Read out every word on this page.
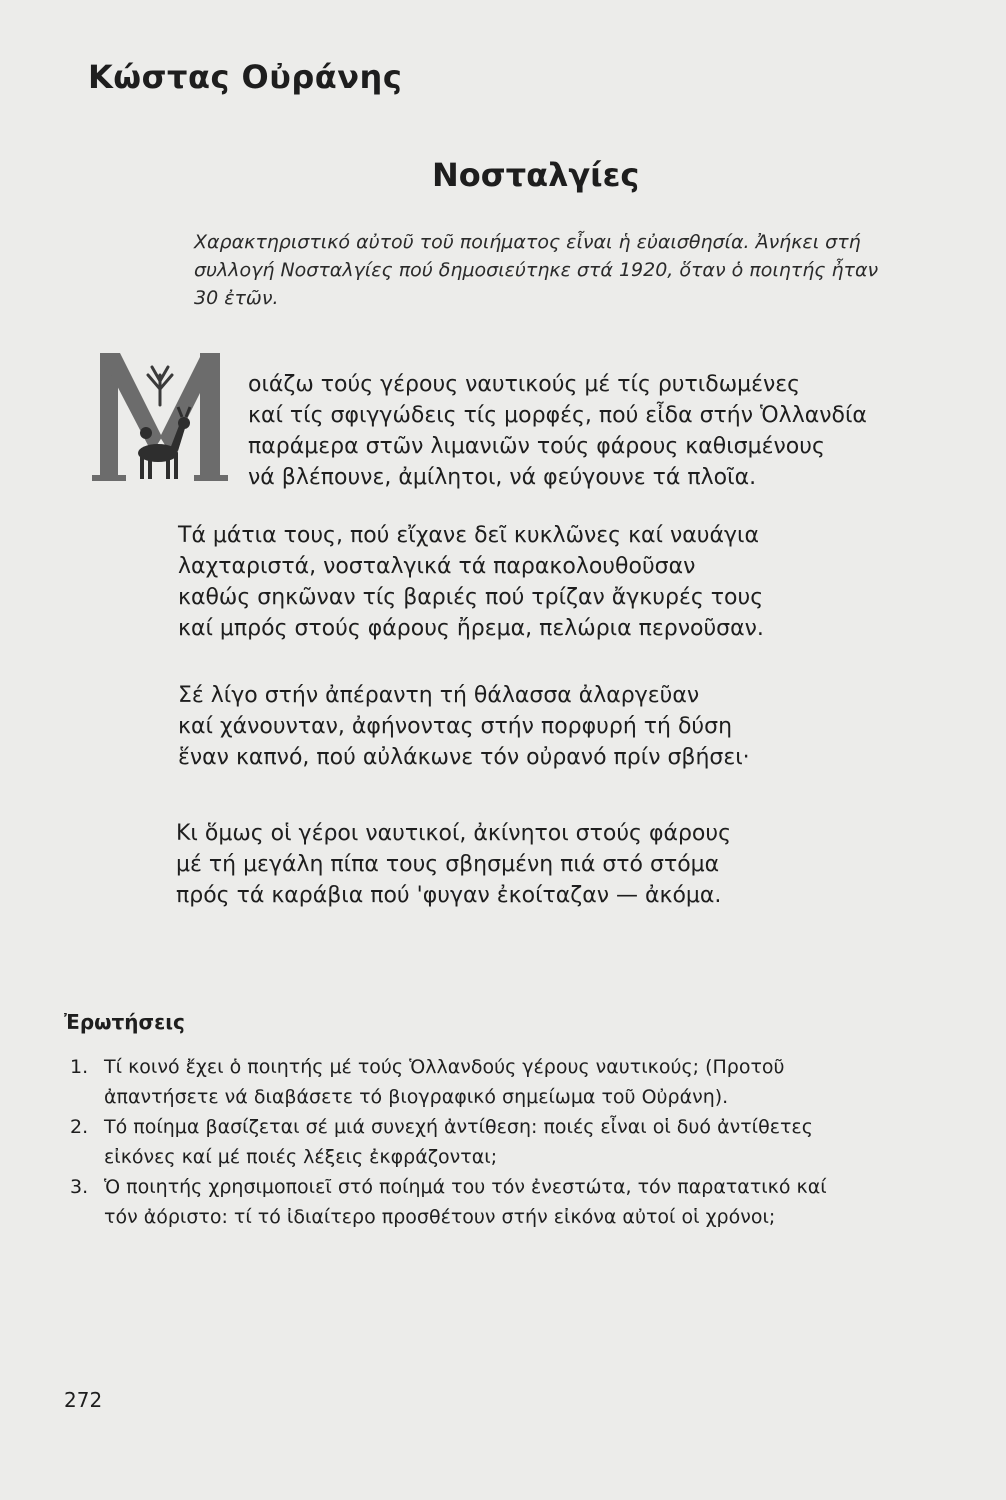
Κώστας Οὐράνης
Νοσταλγίες
Χαρακτηριστικό αὐτοῦ τοῦ ποιήματος εἶναι ἡ εὐαισθησία. Ἀνήκει στή
συλλογή Νοσταλγίες πού δημοσιεύτηκε στά 1920, ὅταν ὁ ποιητής ἦταν
30 ἐτῶν.
οιάζω τούς γέρους ναυτικούς μέ τίς ρυτιδωμένες
καί τίς σφιγγώδεις τίς μορφές, πού εἶδα στήν Ὁλλανδία
παράμερα στῶν λιμανιῶν τούς φάρους καθισμένους
νά βλέπουνε, ἀμίλητοι, νά φεύγουνε τά πλοῖα.
Τά μάτια τους, πού εἴχανε δεῖ κυκλῶνες καί ναυάγια
λαχταριστά, νοσταλγικά τά παρακολουθοῦσαν
καθώς σηκῶναν τίς βαριές πού τρίζαν ἄγκυρές τους
καί μπρός στούς φάρους ἤρεμα, πελώρια περνοῦσαν.
Σέ λίγο στήν ἀπέραντη τή θάλασσα ἀλαργεῦαν
καί χάνουνταν, ἀφήνοντας στήν πορφυρή τή δύση
ἕναν καπνό, πού αὐλάκωνε τόν οὐρανό πρίν σβήσει·
Κι ὅμως οἱ γέροι ναυτικοί, ἀκίνητοι στούς φάρους
μέ τή μεγάλη πίπα τους σβησμένη πιά στό στόμα
πρός τά καράβια πού 'φυγαν ἐκοίταζαν — ἀκόμα.
Ἐρωτήσεις
1. Τί κοινό ἔχει ὁ ποιητής μέ τούς Ὁλλανδούς γέρους ναυτικούς; (Προτοῦ
ἀπαντήσετε νά διαβάσετε τό βιογραφικό σημείωμα τοῦ Οὐράνη).
2. Τό ποίημα βασίζεται σέ μιά συνεχή ἀντίθεση: ποιές εἶναι οἱ δυό ἀντίθετες
εἰκόνες καί μέ ποιές λέξεις ἐκφράζονται;
3. Ὁ ποιητής χρησιμοποιεῖ στό ποίημά του τόν ἐνεστώτα, τόν παρατατικό καί
τόν ἀόριστο: τί τό ἰδιαίτερο προσθέτουν στήν εἰκόνα αὐτοί οἱ χρόνοι;
272
